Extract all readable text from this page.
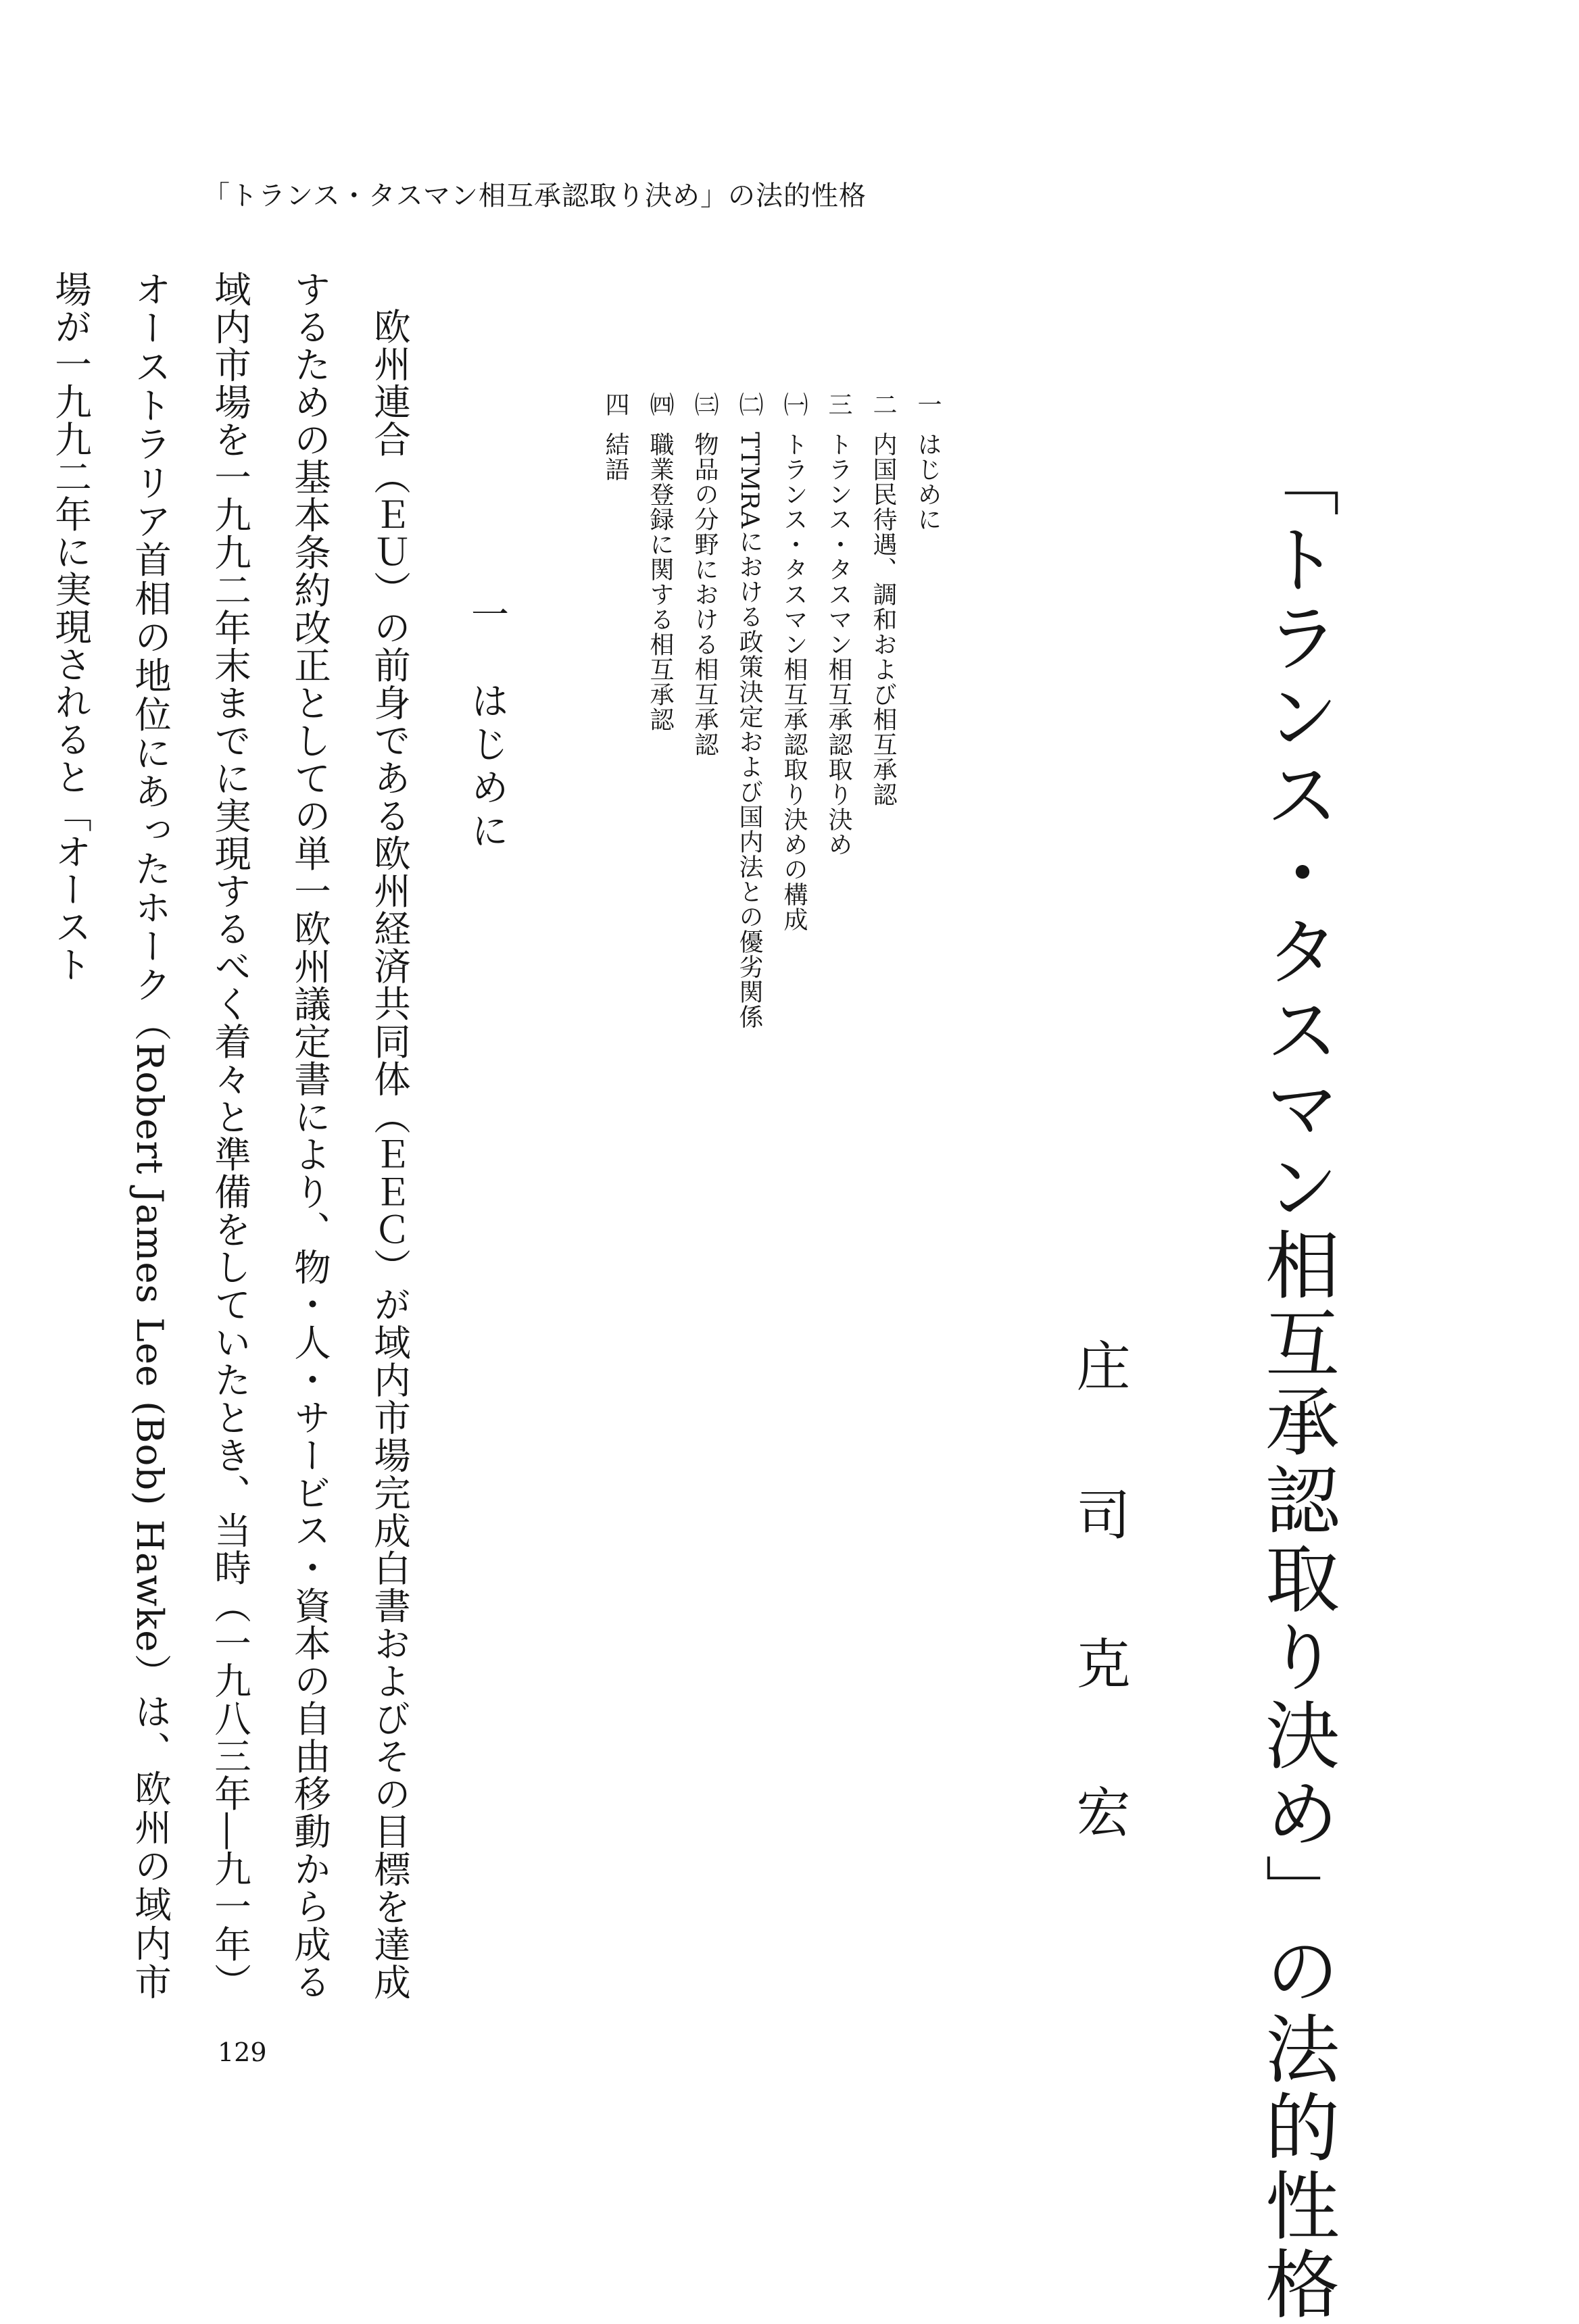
「トランス・タスマン相互承認取り決め」の法的性格
「トランス・タスマン相互承認取り決め」の法的性格
庄司克宏
一はじめに
二内国民待遇、調和および相互承認
三トランス・タスマン相互承認取り決め
㈠トランス・タスマン相互承認取り決めの構成
㈡TTMRAにおける政策決定および国内法との優劣関係
㈢物品の分野における相互承認
㈣職業登録に関する相互承認
四結語
一　はじめに
欧州連合（ＥＵ）の前身である欧州経済共同体（ＥＥＣ）が域内市場完成白書およびその目標を達成するための基本条約改正としての単一欧州議定書により、物・人・サービス・資本の自由移動から成る域内市場を一九九二年末までに実現するべく着々と準備をしていたとき、当時（一九八三年―九一年）オーストラリア首相の地位にあったホーク（Robert James Lee (Bob) Hawke）は、欧州の域内市場が一九九二年に実現されると「オースト
129
